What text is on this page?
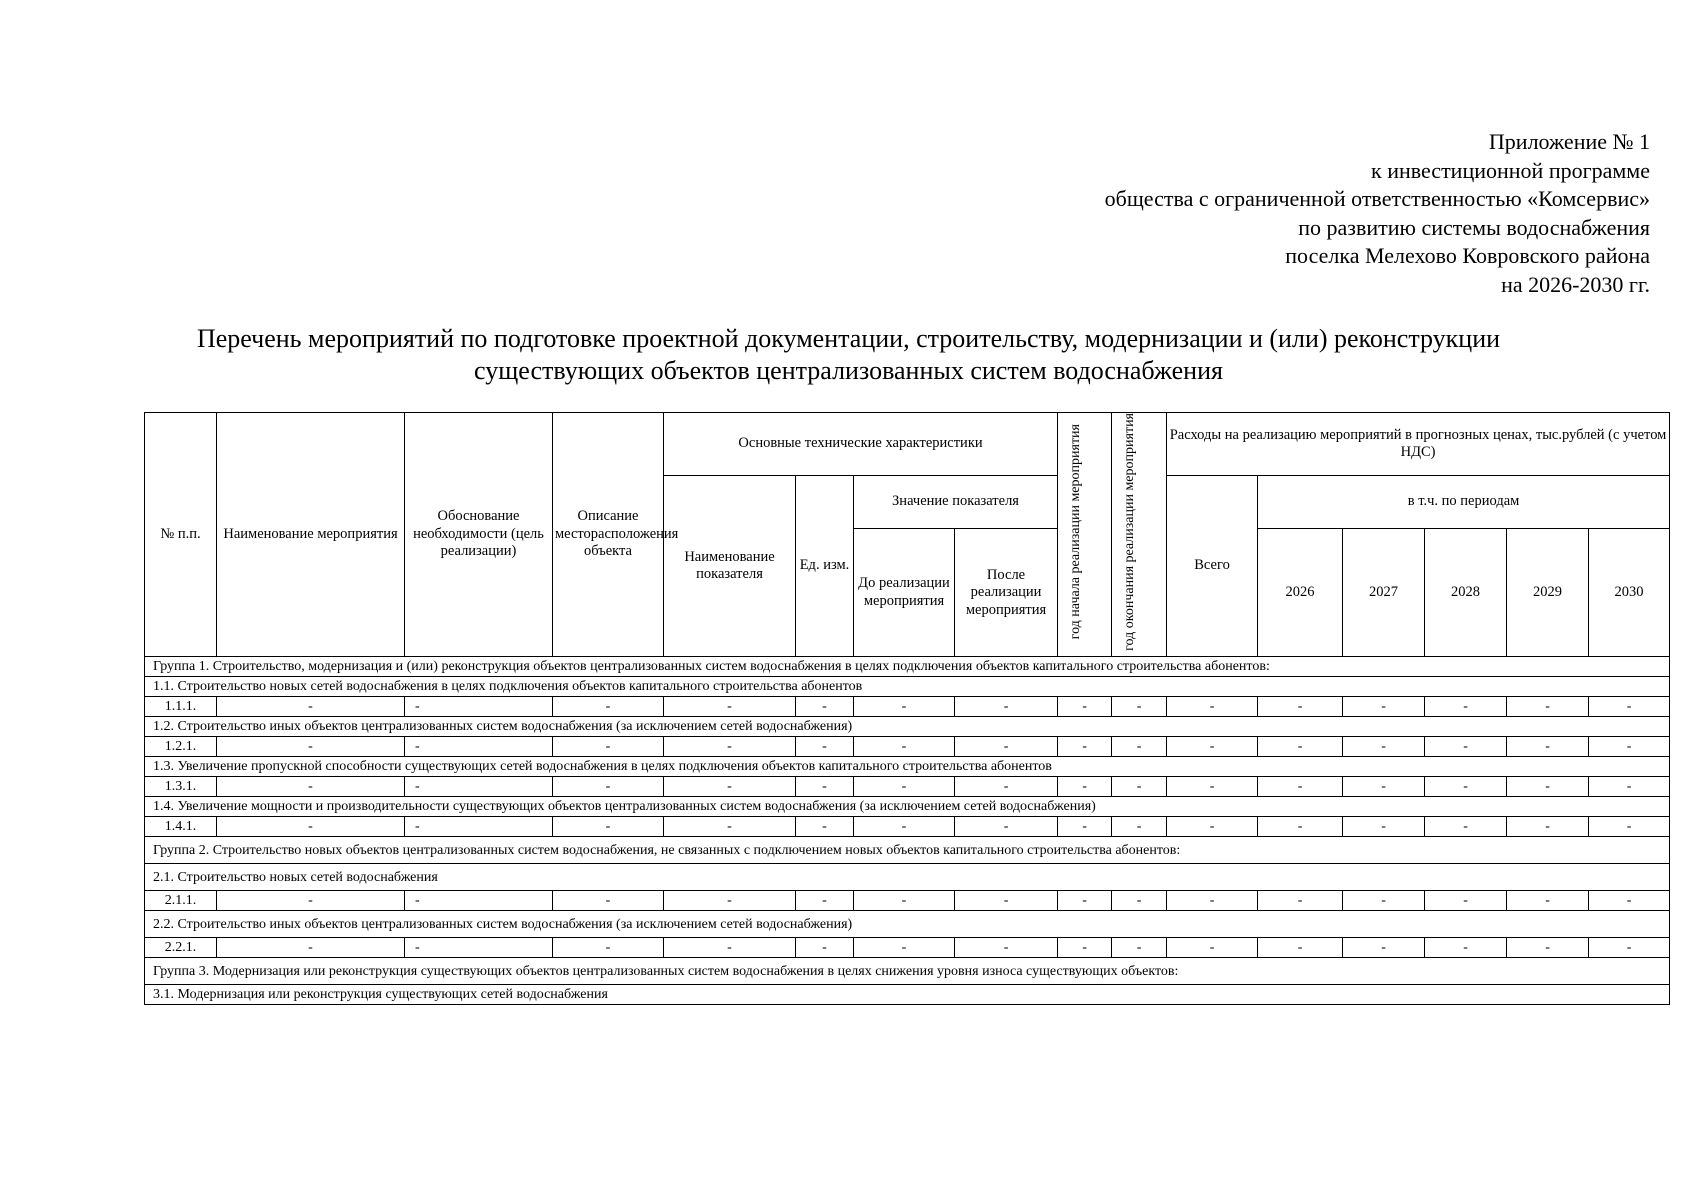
Приложение № 1
к инвестиционной программе
общества с ограниченной ответственностью «Комсервис»
по развитию системы водоснабжения
поселка Мелехово Ковровского района
на 2026-2030 гг.
Перечень мероприятий по подготовке проектной документации, строительству, модернизации и (или) реконструкции
существующих объектов централизованных систем водоснабжения
№ п.п.	Наименование мероприятия	Обоснование необходимости (цель реализации)	Описание месторасположения объекта	Основные технические характеристики				год начала реализации мероприятия	год окончания реализации мероприятия	Расходы на реализацию мероприятий в прогнозных ценах, тыс.рублей (с учетом НДС)					
				Наименование показателя	Ед. изм.	Значение показателя				Всего	в т.ч. по периодам				
						До реализации мероприятия	После реализации мероприятия				2026	2027	2028	2029	2030
Группа 1. Строительство, модернизация и (или) реконструкция объектов централизованных систем водоснабжения в целях подключения объектов капитального строительства абонентов:															
1.1. Строительство новых сетей водоснабжения в целях подключения объектов капитального строительства абонентов															
1.1.1.	-	-	-	-	-	-	-	-	-	-	-	-	-	-	-
1.2. Строительство иных объектов централизованных систем водоснабжения (за исключением сетей водоснабжения)															
1.2.1.	-	-	-	-	-	-	-	-	-	-	-	-	-	-	-
1.3. Увеличение пропускной способности существующих сетей водоснабжения в целях подключения объектов капитального строительства абонентов															
1.3.1.	-	-	-	-	-	-	-	-	-	-	-	-	-	-	-
1.4. Увеличение мощности и производительности существующих объектов централизованных систем водоснабжения (за исключением сетей водоснабжения)															
1.4.1.	-	-	-	-	-	-	-	-	-	-	-	-	-	-	-
Группа 2. Строительство новых объектов централизованных систем водоснабжения, не связанных с подключением новых объектов капитального строительства абонентов:															
2.1. Строительство новых сетей водоснабжения															
2.1.1.	-	-	-	-	-	-	-	-	-	-	-	-	-	-	-
2.2. Строительство иных объектов централизованных систем водоснабжения (за исключением сетей водоснабжения)															
2.2.1.	-	-	-	-	-	-	-	-	-	-	-	-	-	-	-
Группа 3. Модернизация или реконструкция существующих объектов централизованных систем водоснабжения в целях снижения уровня износа существующих объектов:															
3.1. Модернизация или реконструкция существующих сетей водоснабжения															
